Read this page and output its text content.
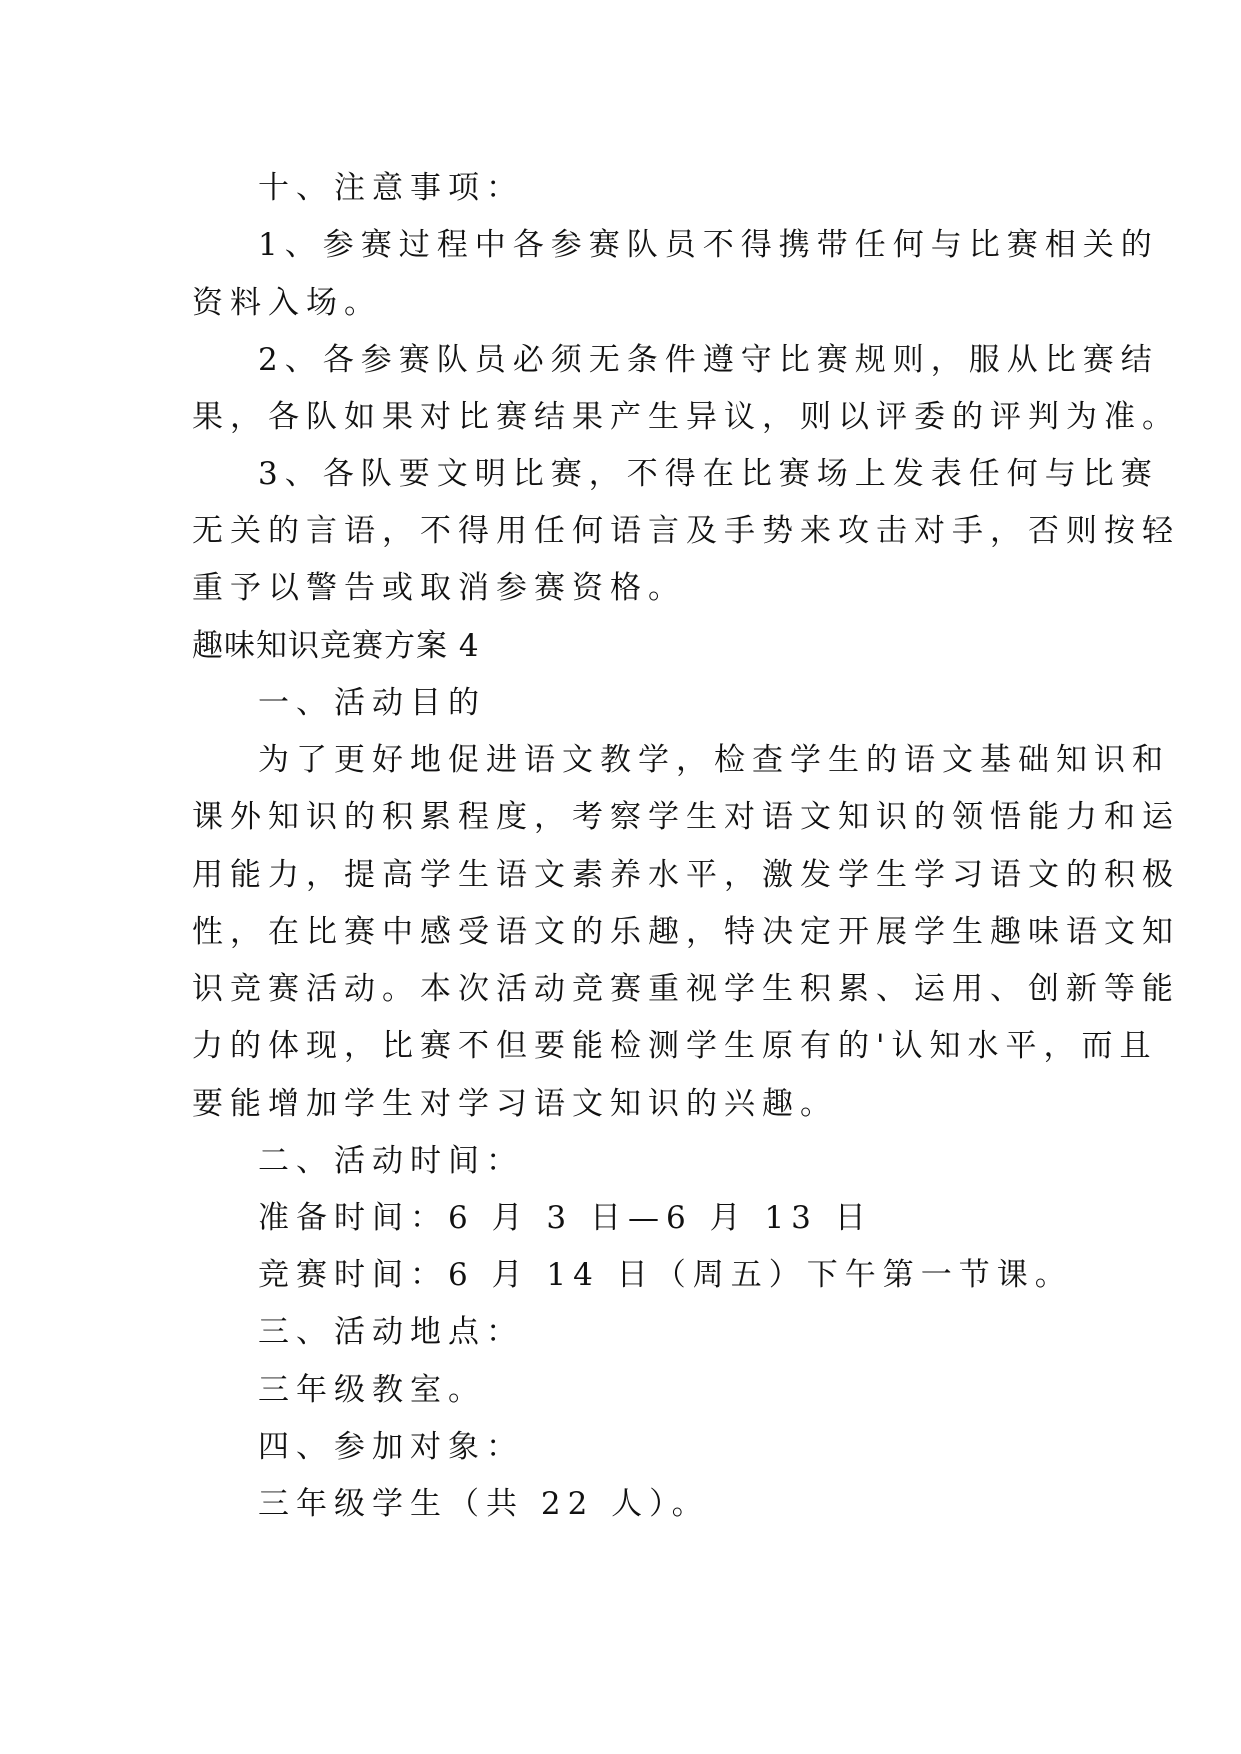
十、注意事项：

1、参赛过程中各参赛队员不得携带任何与比赛相关的

资料入场。

2、各参赛队员必须无条件遵守比赛规则，服从比赛结

果，各队如果对比赛结果产生异议，则以评委的评判为准。

3、各队要文明比赛，不得在比赛场上发表任何与比赛

无关的言语，不得用任何语言及手势来攻击对手，否则按轻

重予以警告或取消参赛资格。

趣味知识竞赛方案 4

一、活动目的

为了更好地促进语文教学，检查学生的语文基础知识和

课外知识的积累程度，考察学生对语文知识的领悟能力和运

用能力，提高学生语文素养水平，激发学生学习语文的积极

性，在比赛中感受语文的乐趣，特决定开展学生趣味语文知

识竞赛活动。本次活动竞赛重视学生积累、运用、创新等能

力的体现，比赛不但要能检测学生原有的'认知水平，而且

要能增加学生对学习语文知识的兴趣。

二、活动时间：

准备时间：6 月 3 日—6 月 13 日

竞赛时间：6 月 14 日（周五）下午第一节课。

三、活动地点：

三年级教室。

四、参加对象：

三年级学生（共 22 人）。
